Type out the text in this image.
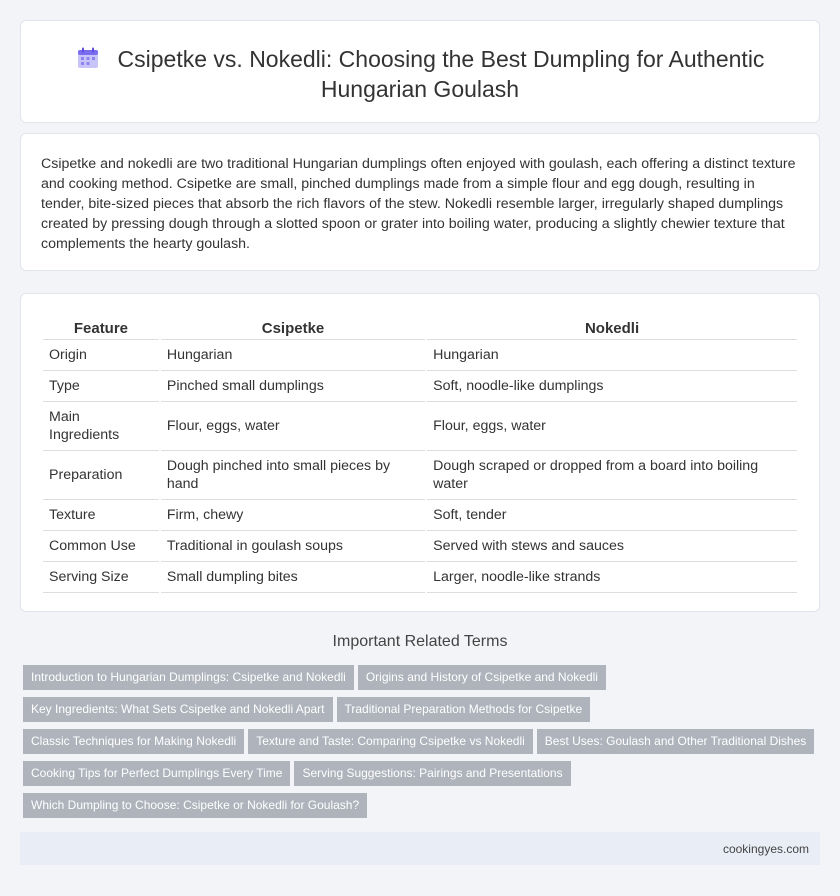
Csipetke vs. Nokedli: Choosing the Best Dumpling for Authentic
Hungarian Goulash

Csipetke and nokedli are two traditional Hungarian dumplings often enjoyed with goulash, each offering a distinct texture and cooking method. Csipetke are small, pinched dumplings made from a simple flour and egg dough, resulting in tender, bite-sized pieces that absorb the rich flavors of the stew. Nokedli resemble larger, irregularly shaped dumplings created by pressing dough through a slotted spoon or grater into boiling water, producing a slightly chewier texture that complements the hearty goulash.

Feature	Csipetke	Nokedli
Origin	Hungarian	Hungarian
Type	Pinched small dumplings	Soft, noodle-like dumplings
Main Ingredients	Flour, eggs, water	Flour, eggs, water
Preparation	Dough pinched into small pieces by hand	Dough scraped or dropped from a board into boiling water
Texture	Firm, chewy	Soft, tender
Common Use	Traditional in goulash soups	Served with stews and sauces
Serving Size	Small dumpling bites	Larger, noodle-like strands
Important Related Terms
Introduction to Hungarian Dumplings: Csipetke and Nokedli Origins and History of Csipetke and Nokedli
Key Ingredients: What Sets Csipetke and Nokedli Apart Traditional Preparation Methods for Csipetke
Classic Techniques for Making Nokedli Texture and Taste: Comparing Csipetke vs Nokedli Best Uses: Goulash and Other Traditional Dishes
Cooking Tips for Perfect Dumplings Every Time Serving Suggestions: Pairings and Presentations
Which Dumpling to Choose: Csipetke or Nokedli for Goulash?
cookingyes.com
